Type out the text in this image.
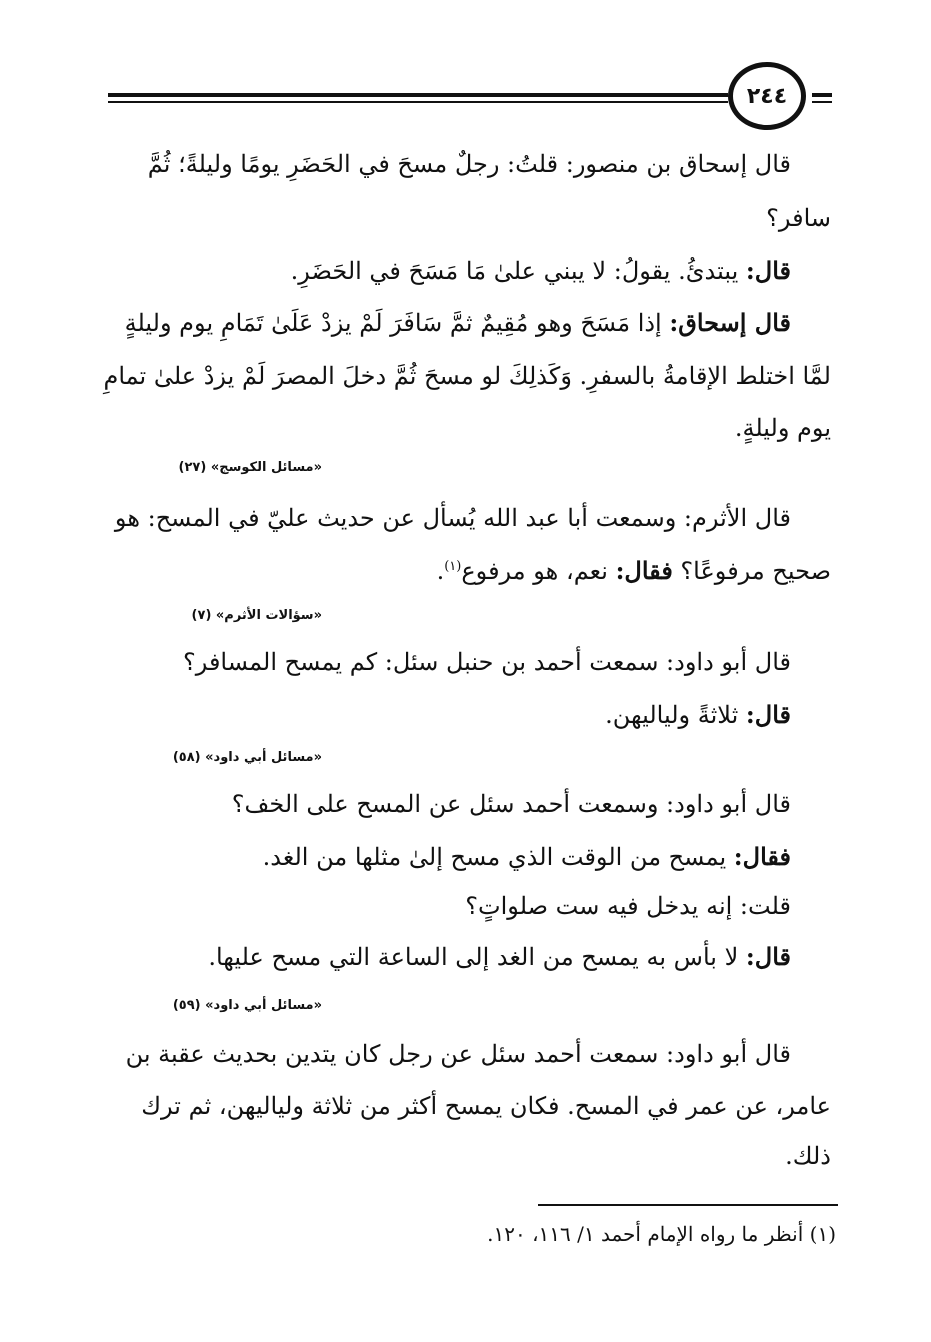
٢٤٤
قال إسحاق بن منصور: قلتُ: رجلٌ مسحَ في الحَضَرِ يومًا وليلةً؛ ثُمَّ
سافر؟
قال: يبتدئُ. يقولُ: لا يبني علىٰ مَا مَسَحَ في الحَضَرِ.
قال إسحاق: إذا مَسَحَ وهو مُقِيمٌ ثمَّ سَافَرَ لَمْ يزدْ عَلَىٰ تَمَامِ يوم وليلةٍ
لمَّا اختلط الإقامةُ بالسفرِ. وَكَذلِكَ لو مسحَ ثُمَّ دخلَ المصرَ لَمْ يزدْ علىٰ تمامِ
يوم وليلةٍ.
«مسائل الكوسج» (٢٧)
قال الأثرم: وسمعت أبا عبد الله يُسأل عن حديث عليّ في المسح: هو
صحيح مرفوعًا؟ فقال: نعم، هو مرفوع$^{(١)}$.
«سؤالات الأثرم» (٧)
قال أبو داود: سمعت أحمد بن حنبل سئل: كم يمسح المسافر؟
قال: ثلاثةً ولياليهن.
«مسائل أبي داود» (٥٨)
قال أبو داود: وسمعت أحمد سئل عن المسح على الخف؟
فقال: يمسح من الوقت الذي مسح إلىٰ مثلها من الغد.
قلت: إنه يدخل فيه ست صلواتٍ؟
قال: لا بأس به يمسح من الغد إلى الساعة التي مسح عليها.
«مسائل أبي داود» (٥٩)
قال أبو داود: سمعت أحمد سئل عن رجل كان يتدين بحديث عقبة بن
عامر، عن عمر في المسح. فكان يمسح أكثر من ثلاثة ولياليهن، ثم ترك
ذلك.
(١) أنظر ما رواه الإمام أحمد ١/ ١١٦، ١٢٠.
